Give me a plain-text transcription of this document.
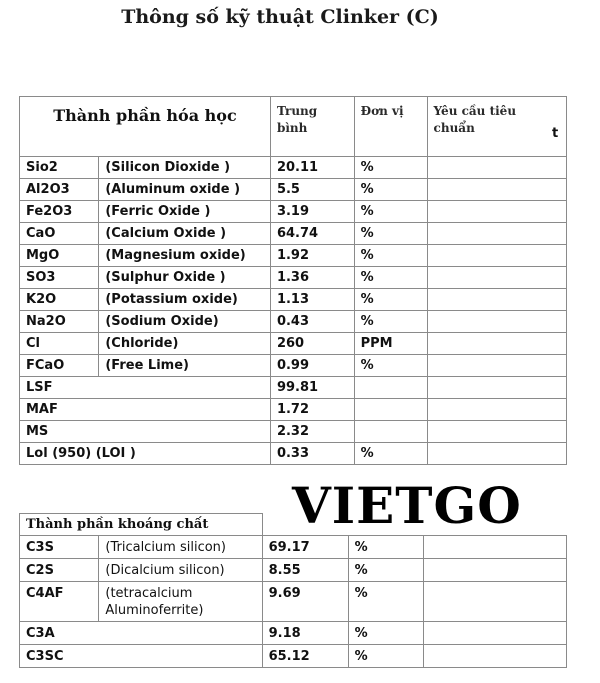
Thông số kỹ thuật Clinker (C)
Thành phần hóa học		Trung bình	Đơn vị	Yêu cầu tiêu chuẩn
Sio2	(Silicon Dioxide )	20.11	%	
Al2O3	(Aluminum oxide )	5.5	%	
Fe2O3	(Ferric Oxide )	3.19	%	
CaO	(Calcium Oxide )	64.74	%	
MgO	(Magnesium oxide)	1.92	%	
SO3	(Sulphur Oxide )	1.36	%	
K2O	(Potassium oxide)	1.13	%	
Na2O	(Sodium Oxide)	0.43	%	
Cl	(Chloride)	260	PPM	
FCaO	(Free Lime)	0.99	%	
LSF		99.81		
MAF		1.72		
MS		2.32		
Lol (950) (LOI )		0.33	%	
t
VIETGO
Thành phần khoáng chất				
C3S	(Tricalcium silicon)	69.17	%	
C2S	(Dicalcium silicon)	8.55	%	
C4AF	(tetracalcium Aluminoferrite)	9.69	%	
C3A		9.18	%	
C3SC		65.12	%	
